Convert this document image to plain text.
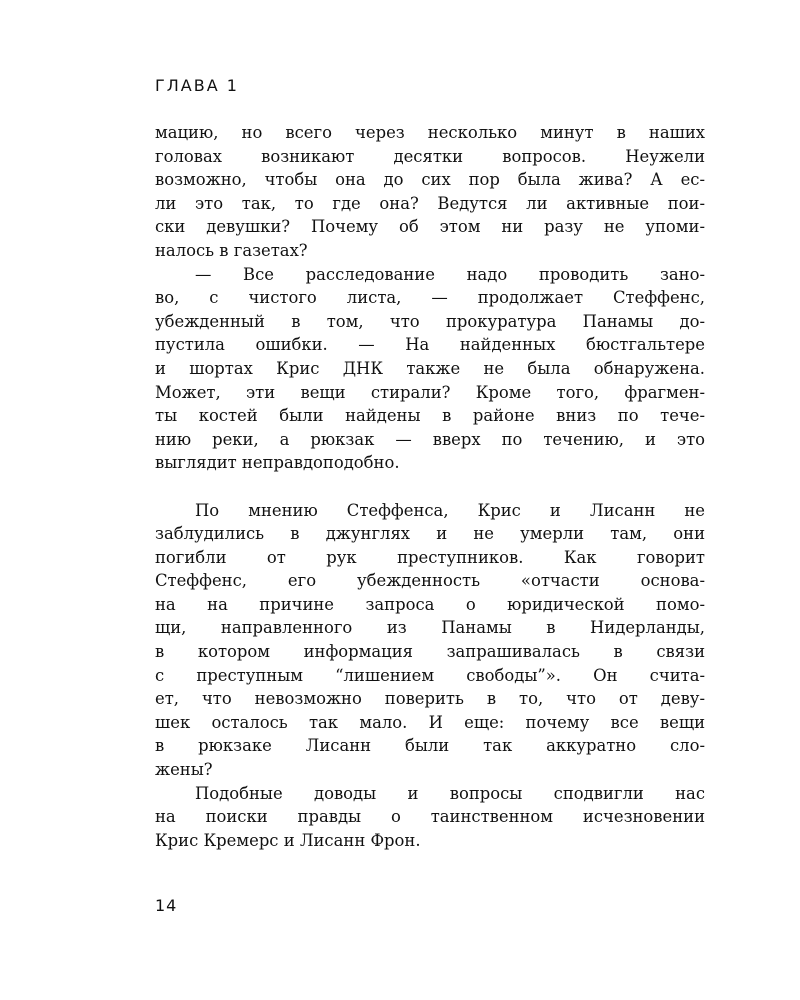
ГЛАВА 1
мацию, но всего через несколько минут в наших
головах возникают десятки вопросов. Неужели
возможно, чтобы она до сих пор была жива? А ес-
ли это так, то где она? Ведутся ли активные пои-
ски девушки? Почему об этом ни разу не упоми-
налось в газетах?
— Все расследование надо проводить зано-
во, с чистого листа, — продолжает Стеффенс,
убежденный в том, что прокуратура Панамы до-
пустила ошибки. — На найденных бюстгальтере
и шортах Крис ДНК также не была обнаружена.
Может, эти вещи стирали? Кроме того, фрагмен-
ты костей были найдены в районе вниз по тече-
нию реки, а рюкзак — вверх по течению, и это
выглядит неправдоподобно.
По мнению Стеффенса, Крис и Лисанн не
заблудились в джунглях и не умерли там, они
погибли от рук преступников. Как говорит
Стеффенс, его убежденность «отчасти основа-
на на причине запроса о юридической помо-
щи, направленного из Панамы в Нидерланды,
в котором информация запрашивалась в связи
с преступным “лишением свободы”». Он счита-
ет, что невозможно поверить в то, что от деву-
шек осталось так мало. И еще: почему все вещи
в рюкзаке Лисанн были так аккуратно сло-
жены?
Подобные доводы и вопросы сподвигли нас
на поиски правды о таинственном исчезновении
Крис Кремерс и Лисанн Фрон.
14
